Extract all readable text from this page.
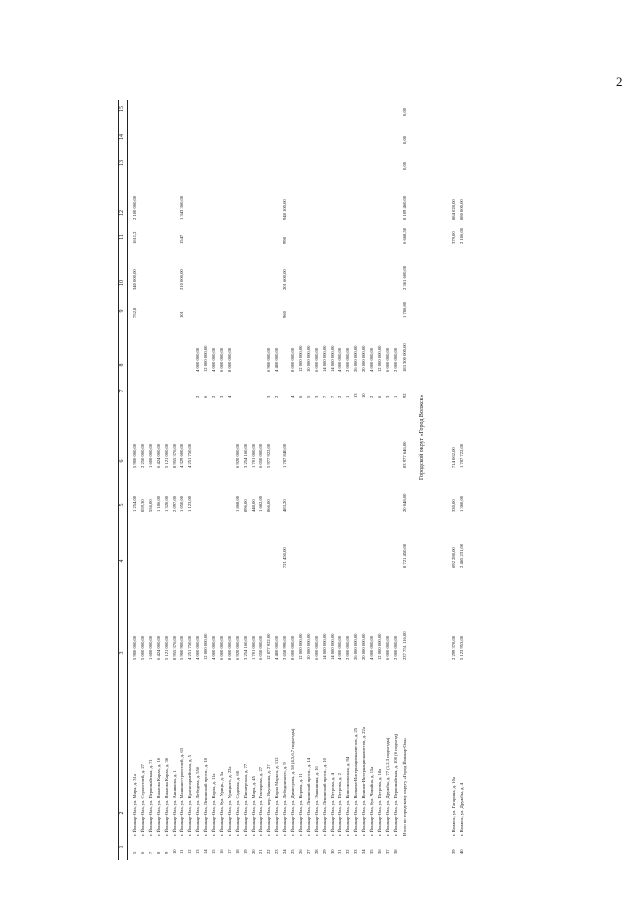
2
1
2
3
4
5
6
7
8
9
10
11
12
13
14
15
5
г. Йошкар-Ола, ул. Мира, д. 31а
5 900 000,00
1 254,00
5 900 000,00
6
г. Йошкар-Ола, ул. Строителей, д. 27
5 000 000,00
859,30
2 250 000,00
7
г. Йошкар-Ола, ул. Первомайская, д. 71
1 600 000,00
556,00
1 600 000,00
8
г. Йошкар-Ола, ул. Яналова Карла, д. 16
6 424 000,00
1 186,00
6 424 000,00
9
г. Йошкар-Ола, ул. Яналова Карла, д. 36
5 121 000,00
1 320,00
5 121 000,00
10
г. Йошкар-Ола, ул. Анникова, д. 1
8 955 376,00
2 097,00
8 955 376,00
11
г. Йошкар-Ола, ул. Машиностроителей, д. 63
5 900 900,00
1 050,00
4 329 600,00
12
г. Йошкар-Ола, ул. Красноармейская, д. 5
4 251 750,00
1 123,00
4 251 750,00
13
г. Йошкар-Ола, ул. Лебедева, д. 55б
4 000 000,00
2
4 000 000,00
14
г. Йошкар-Ола, Ленинский просп., д. 18
12 000 000,00
6
12 000 000,00
15
г. Йошкар-Ола, ул. Карла, д. 11а
4 000 000,00
2
4 000 000,00
16
г. Йошкар-Ола, бул. Урицк., д. 5а
6 000 000,00
3
6 000 000,00
17
г. Йошкар-Ола, ул. Урицкого, д. 22а
8 000 000,00
4
8 000 000,00
18
г. Йошкар-Ола, ул. Садовая, д. 60
6 920 000,00
1 868,00
6 920 000,00
19
г. Йошкар-Ола, ул. Пионерская, д. 77
3 254 160,00
896,00
3 254 160,00
20
г. Йошкар-Ола, ул. Мира, д. 45
1 701 000,00
448,00
1 701 000,00
21
г. Йошкар-Ола, ул. Гончарова, д. 27
6 050 000,00
1 682,00
6 050 000,00
22
г. Йошкар-Ола, пер. Якушкина, д. 27
12 877 922,00
866,00
5 977 922,00
3
6 900 000,00
23
г. Йошкар-Ола, ул. Карла Маркса, д. 112
4 400 000,00
2
4 400 000,00
24
г. Йошкар-Ола, ул. Лебединского, д. 9
3 658 990,00
721 450,00
483,20
1 787 840,00
960
201 600,00
998
948 100,00
25
г. Йошкар-Ола, ул. Димитрова, д. 58 (4,5,6,7 подъезды)
8 000 000,00
4
8 000 000,00
26
г. Йошкар-Ола, ул. Корова, д. 11
12 000 000,00
6
12 000 000,00
27
г. Йошкар-Ола, Ленинский просп., д. 14
10 000 000,00
5
10 000 000,00
28
г. Йошкар-Ола, ул. Эшкинина, д. 16
6 000 000,00
3
6 000 000,00
29
г. Йошкар-Ола, Ленинский просп., д. 10
14 000 000,00
7
14 000 000,00
30
г. Йошкар-Ола, ул. Петрова, д. 4
14 000 000,00
7
14 000 000,00
31
г. Йошкар-Ола, ул. Петрова, д. 2
4 000 000,00
2
4 000 000,00
32
г. Йошкар-Ола, ул. Комсомольская, д. 94
2 000 000,00
1
2 000 000,00
33
г. Йошкар-Ола, ул. Волкова-Интернационалистов, д. 25
26 000 000,00
13
26 000 000,00
34
г. Йошкар-Ола, ул. Воинов-Интернационалистов, д. 22а
20 000 000,00
10
20 000 000,00
35
г. Йошкар-Ола, бул. Чавайна, д. 15а
4 000 000,00
2
4 000 000,00
36
г. Йошкар-Ола, ул. Петрова, д. 18а
12 000 000,00
6
12 000 000,00
37
г. Йошкар-Ола, ул. Дружбы, д. 77 (1,2,3 подъезды)
6 000 000,00
3
6 000 000,00
38
г. Йошкар-Ола, ул. Первомайская, д. 100 (6 подъезд)
2 000 000,00
1
2 000 000,00
752,8
340 000,00
1611,2
2 100 000,00
101
210 000,00
1547
1 343 360,00
Итого по городскому округу «Город Йошкар-Ола»
237 751 116,00
8 721 450,00
20 048,00
83 977 646,00
92
183 300 000,00
1 786,80
2 361 600,00
6 668,50
8 109 460,00
0,00
0,00
0,00
Городской округ «Город Волжск»
39
г. Волжск, ул. Гагарина, д. 10а
2 299 378,00
692 288,00
330,00
714 062,00
379,00
884 028,00
40
г. Волжск, ул. Дружбы, д. 4
5 123 953,00
2 465 231,00
1 360,00
1 787 722,00
2 106,00
880 000,00
